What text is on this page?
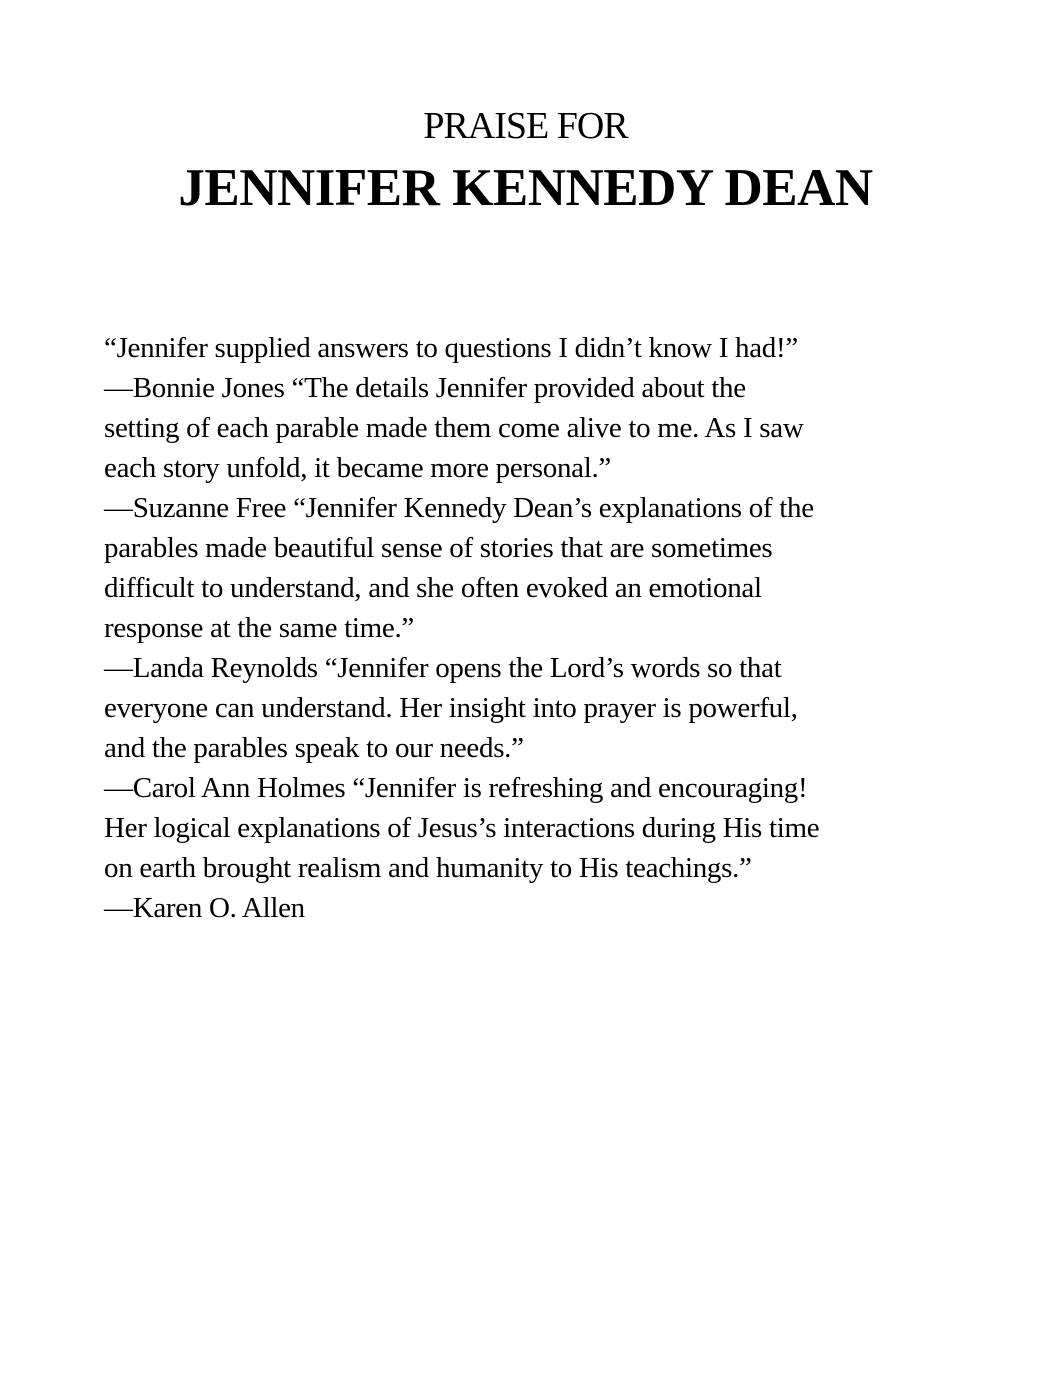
PRAISE FOR
JENNIFER KENNEDY DEAN
“Jennifer supplied answers to questions I didn’t know I had!”
—Bonnie Jones “The details Jennifer provided about the
setting of each parable made them come alive to me. As I saw
each story unfold, it became more personal.”
—Suzanne Free “Jennifer Kennedy Dean’s explanations of the
parables made beautiful sense of stories that are sometimes
difficult to understand, and she often evoked an emotional
response at the same time.”
—Landa Reynolds “Jennifer opens the Lord’s words so that
everyone can understand. Her insight into prayer is powerful,
and the parables speak to our needs.”
—Carol Ann Holmes “Jennifer is refreshing and encouraging!
Her logical explanations of Jesus’s interactions during His time
on earth brought realism and humanity to His teachings.”
—Karen O. Allen
